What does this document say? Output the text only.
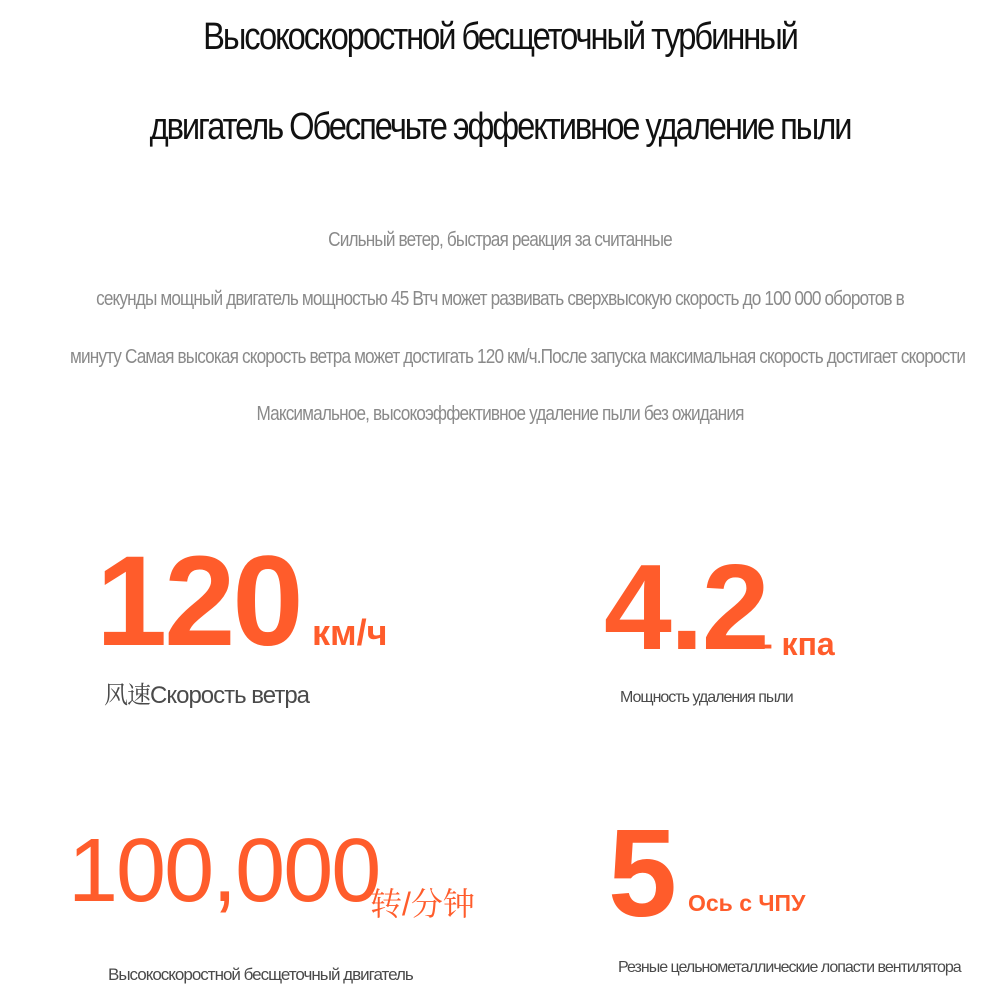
Высокоскоростной бесщеточный турбинный
двигатель Обеспечьте эффективное удаление пыли
Сильный ветер, быстрая реакция за считанные
секунды мощный двигатель мощностью 45 Втч может развивать сверхвысокую скорость до 100 000 оборотов в
минуту Самая высокая скорость ветра может достигать 120 км/ч.После запуска максимальная скорость достигает скорости
Максимальное, высокоэффективное удаление пыли без ожидания
120 км/ч
风速Скорость ветра
4.2
- кпа
Мощность удаления пыли
100,000
转/分钟
Высокоскоростной бесщеточный двигатель
5 Ось с ЧПУ
Резные цельнометаллические лопасти вентилятора
